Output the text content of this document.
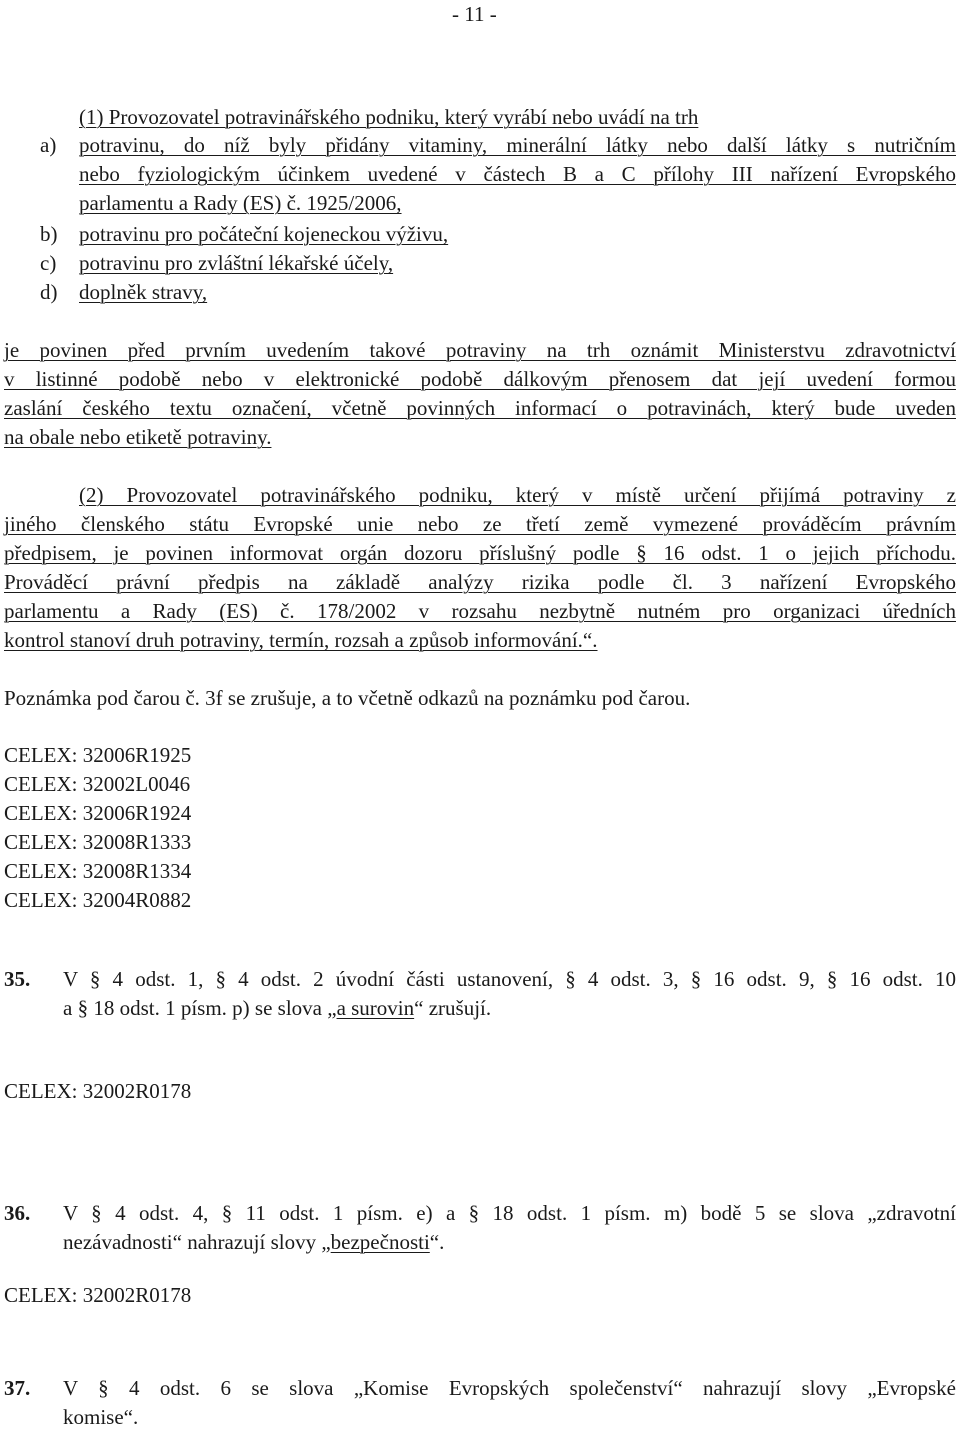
- 11 -
(1) Provozovatel potravinářského podniku, který vyrábí nebo uvádí na trh
a) potravinu, do níž byly přidány vitaminy, minerální látky nebo další látky s nutričním
nebo fyziologickým účinkem uvedené v částech B a C přílohy III nařízení Evropského
parlamentu a Rady (ES) č. 1925/2006,
b) potravinu pro počáteční kojeneckou výživu,
c) potravinu pro zvláštní lékařské účely,
d) doplněk stravy,
je povinen před prvním uvedením takové potraviny na trh oznámit Ministerstvu zdravotnictví
v listinné podobě nebo v elektronické podobě dálkovým přenosem dat její uvedení formou
zaslání českého textu označení, včetně povinných informací o potravinách, který bude uveden
na obale nebo etiketě potraviny.
(2) Provozovatel potravinářského podniku, který v místě určení přijímá potraviny z
jiného členského státu Evropské unie nebo ze třetí země vymezené prováděcím právním
předpisem, je povinen informovat orgán dozoru příslušný podle § 16 odst. 1 o jejich příchodu.
Prováděcí právní předpis na základě analýzy rizika podle čl. 3 nařízení Evropského
parlamentu a Rady (ES) č. 178/2002 v rozsahu nezbytně nutném pro organizaci úředních
kontrol stanoví druh potraviny, termín, rozsah a způsob informování.“.
Poznámka pod čarou č. 3f se zrušuje, a to včetně odkazů na poznámku pod čarou.
CELEX: 32006R1925
CELEX: 32002L0046
CELEX: 32006R1924
CELEX: 32008R1333
CELEX: 32008R1334
CELEX: 32004R0882
35. V § 4 odst. 1, § 4 odst. 2 úvodní části ustanovení, § 4 odst. 3, § 16 odst. 9, § 16 odst. 10
a § 18 odst. 1 písm. p) se slova „a surovin“ zrušují.
CELEX: 32002R0178
36. V § 4 odst. 4, § 11 odst. 1 písm. e) a § 18 odst. 1 písm. m) bodě 5 se slova „zdravotní
nezávadnosti“ nahrazují slovy „bezpečnosti“.
CELEX: 32002R0178
37. V § 4 odst. 6 se slova „Komise Evropských společenství“ nahrazují slovy „Evropské
komise“.
